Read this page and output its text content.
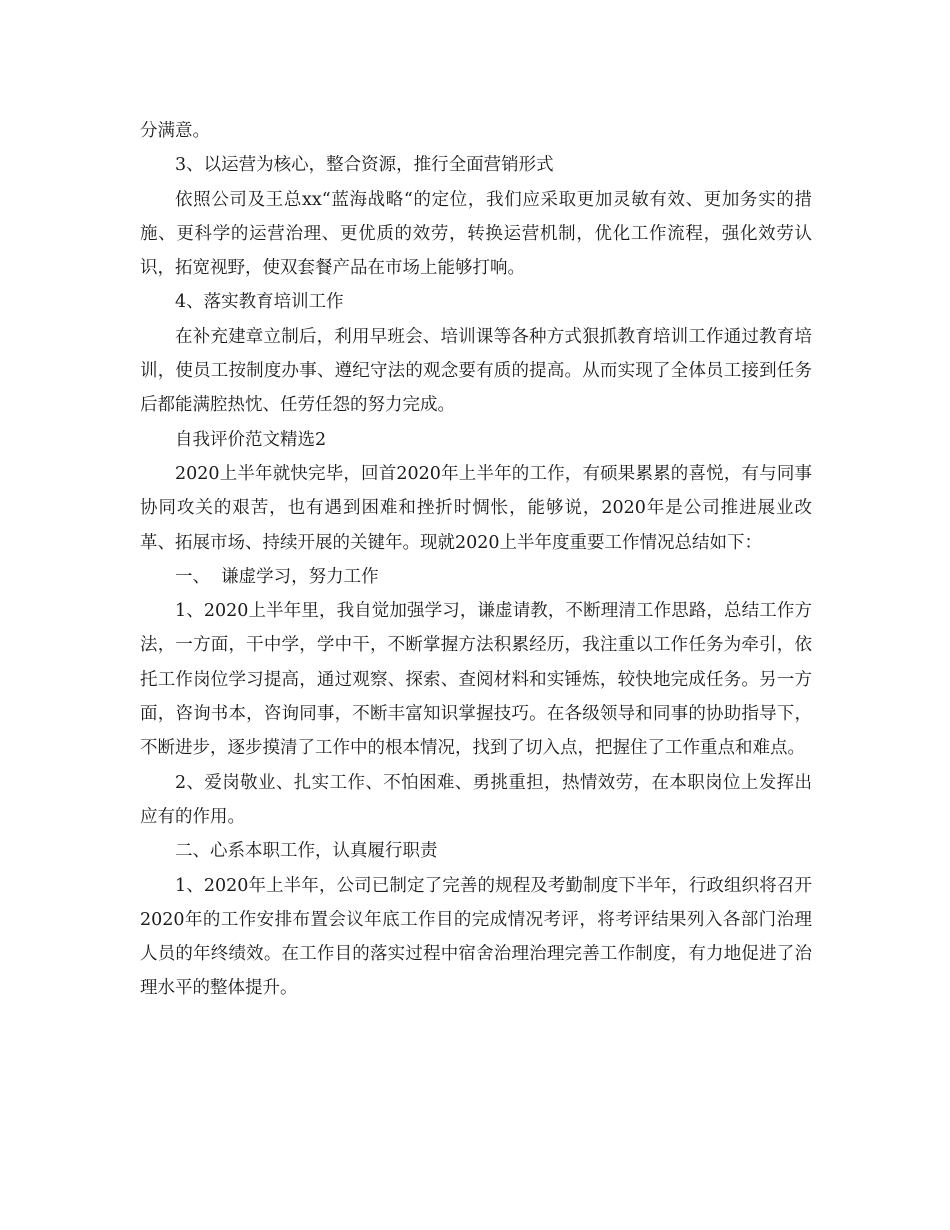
分满意。

3、以运营为核心，整合资源，推行全面营销形式

依照公司及王总xx“蓝海战略“的定位，我们应采取更加灵敏有效、更加务实的措施、更科学的运营治理、更优质的效劳，转换运营机制，优化工作流程，强化效劳认识，拓宽视野，使双套餐产品在市场上能够打响。

4、落实教育培训工作

在补充建章立制后，利用早班会、培训课等各种方式狠抓教育培训工作通过教育培训，使员工按制度办事、遵纪守法的观念要有质的提高。从而实现了全体员工接到任务后都能满腔热忱、任劳任怨的努力完成。

自我评价范文精选2

2020上半年就快完毕，回首2020年上半年的工作，有硕果累累的喜悦，有与同事协同攻关的艰苦，也有遇到困难和挫折时惆怅，能够说，2020年是公司推进展业改革、拓展市场、持续开展的关键年。现就2020上半年度重要工作情况总结如下：

一、  谦虚学习，努力工作

1、2020上半年里，我自觉加强学习，谦虚请教，不断理清工作思路，总结工作方法，一方面，干中学，学中干，不断掌握方法积累经历，我注重以工作任务为牵引，依托工作岗位学习提高，通过观察、探索、查阅材料和实锤炼，较快地完成任务。另一方面，咨询书本，咨询同事，不断丰富知识掌握技巧。在各级领导和同事的协助指导下，不断进步，逐步摸清了工作中的根本情况，找到了切入点，把握住了工作重点和难点。

2、爱岗敬业、扎实工作、不怕困难、勇挑重担，热情效劳，在本职岗位上发挥出应有的作用。

二、心系本职工作，认真履行职责

1、2020年上半年，公司已制定了完善的规程及考勤制度下半年，行政组织将召开2020年的工作安排布置会议年底工作目的完成情况考评，将考评结果列入各部门治理人员的年终绩效。在工作目的落实过程中宿舍治理治理完善工作制度，有力地促进了治理水平的整体提升。
